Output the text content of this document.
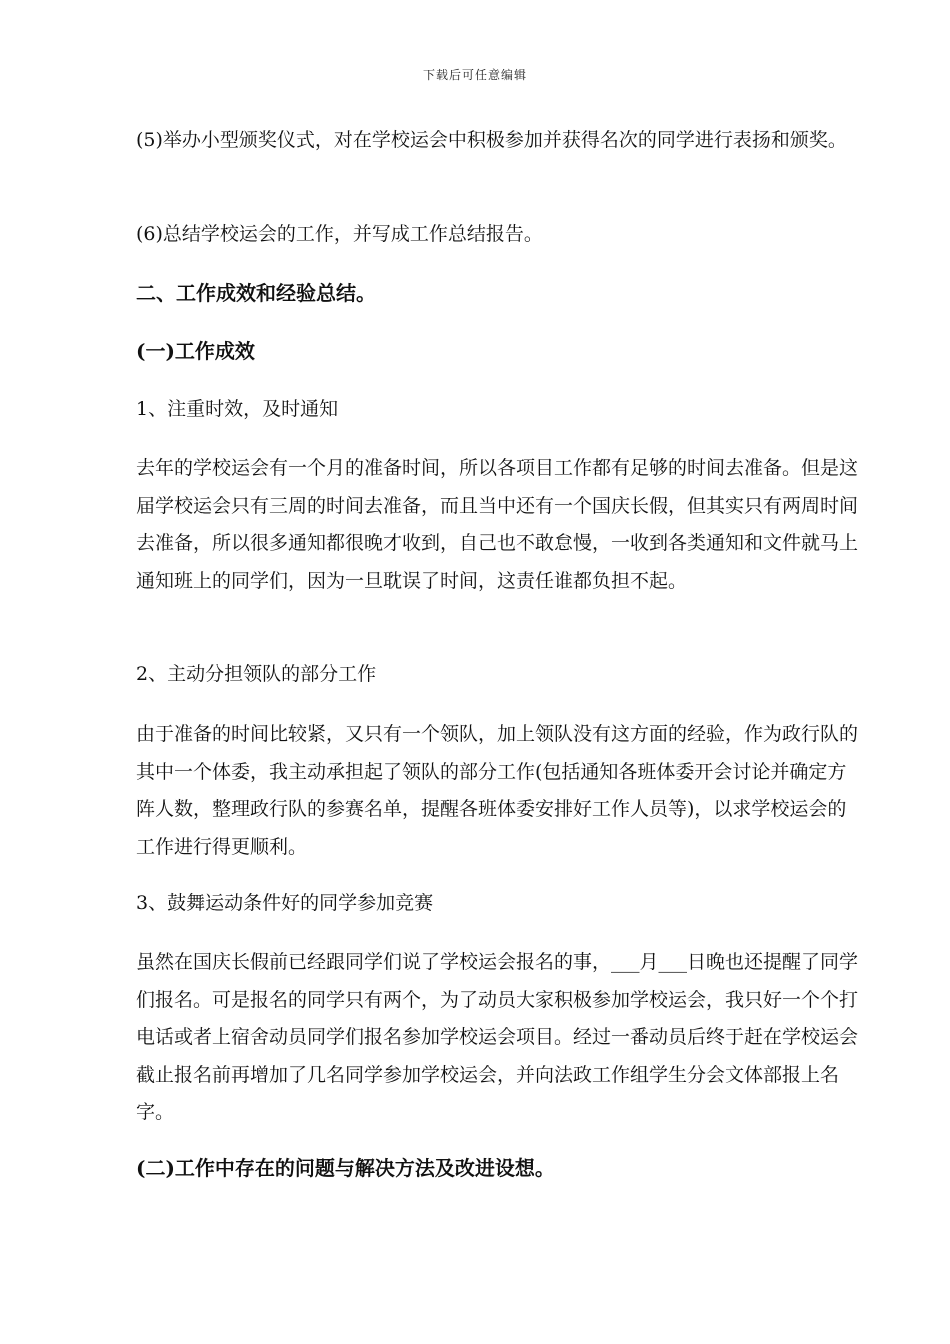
下载后可任意编辑

(5)举办小型颁奖仪式，对在学校运会中积极参加并获得名次的同学进行表扬和颁奖。

(6)总结学校运会的工作，并写成工作总结报告。

二、工作成效和经验总结。

(一)工作成效

1、注重时效，及时通知

去年的学校运会有一个月的准备时间，所以各项目工作都有足够的时间去准备。但是这届学校运会只有三周的时间去准备，而且当中还有一个国庆长假，但其实只有两周时间去准备，所以很多通知都很晚才收到，自己也不敢怠慢，一收到各类通知和文件就马上通知班上的同学们，因为一旦耽误了时间，这责任谁都负担不起。

2、主动分担领队的部分工作

由于准备的时间比较紧，又只有一个领队，加上领队没有这方面的经验，作为政行队的其中一个体委，我主动承担起了领队的部分工作(包括通知各班体委开会讨论并确定方阵人数，整理政行队的参赛名单，提醒各班体委安排好工作人员等)，以求学校运会的工作进行得更顺利。

3、鼓舞运动条件好的同学参加竞赛

虽然在国庆长假前已经跟同学们说了学校运会报名的事，___月___日晚也还提醒了同学们报名。可是报名的同学只有两个，为了动员大家积极参加学校运会，我只好一个个打电话或者上宿舍动员同学们报名参加学校运会项目。经过一番动员后终于赶在学校运会截止报名前再增加了几名同学参加学校运会，并向法政工作组学生分会文体部报上名字。

(二)工作中存在的问题与解决方法及改进设想。
